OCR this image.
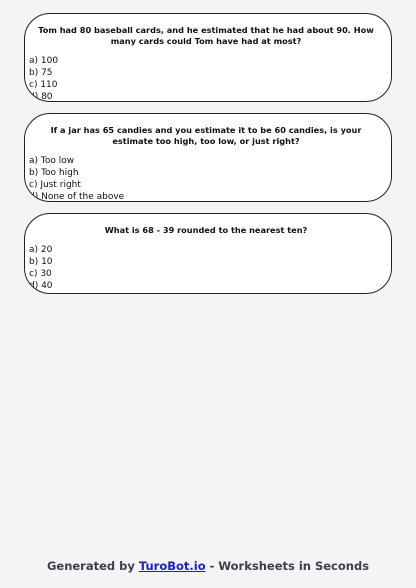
Tom had 80 baseball cards, and he estimated that he had about 90. How many cards could Tom have had at most?

a) 100
b) 75
c) 110
d) 80

If a jar has 65 candies and you estimate it to be 60 candies, is your estimate too high, too low, or just right?

a) Too low
b) Too high
c) Just right
d) None of the above

What is 68 - 39 rounded to the nearest ten?

a) 20
b) 10
c) 30
d) 40
Generated by TuroBot.io - Worksheets in Seconds
